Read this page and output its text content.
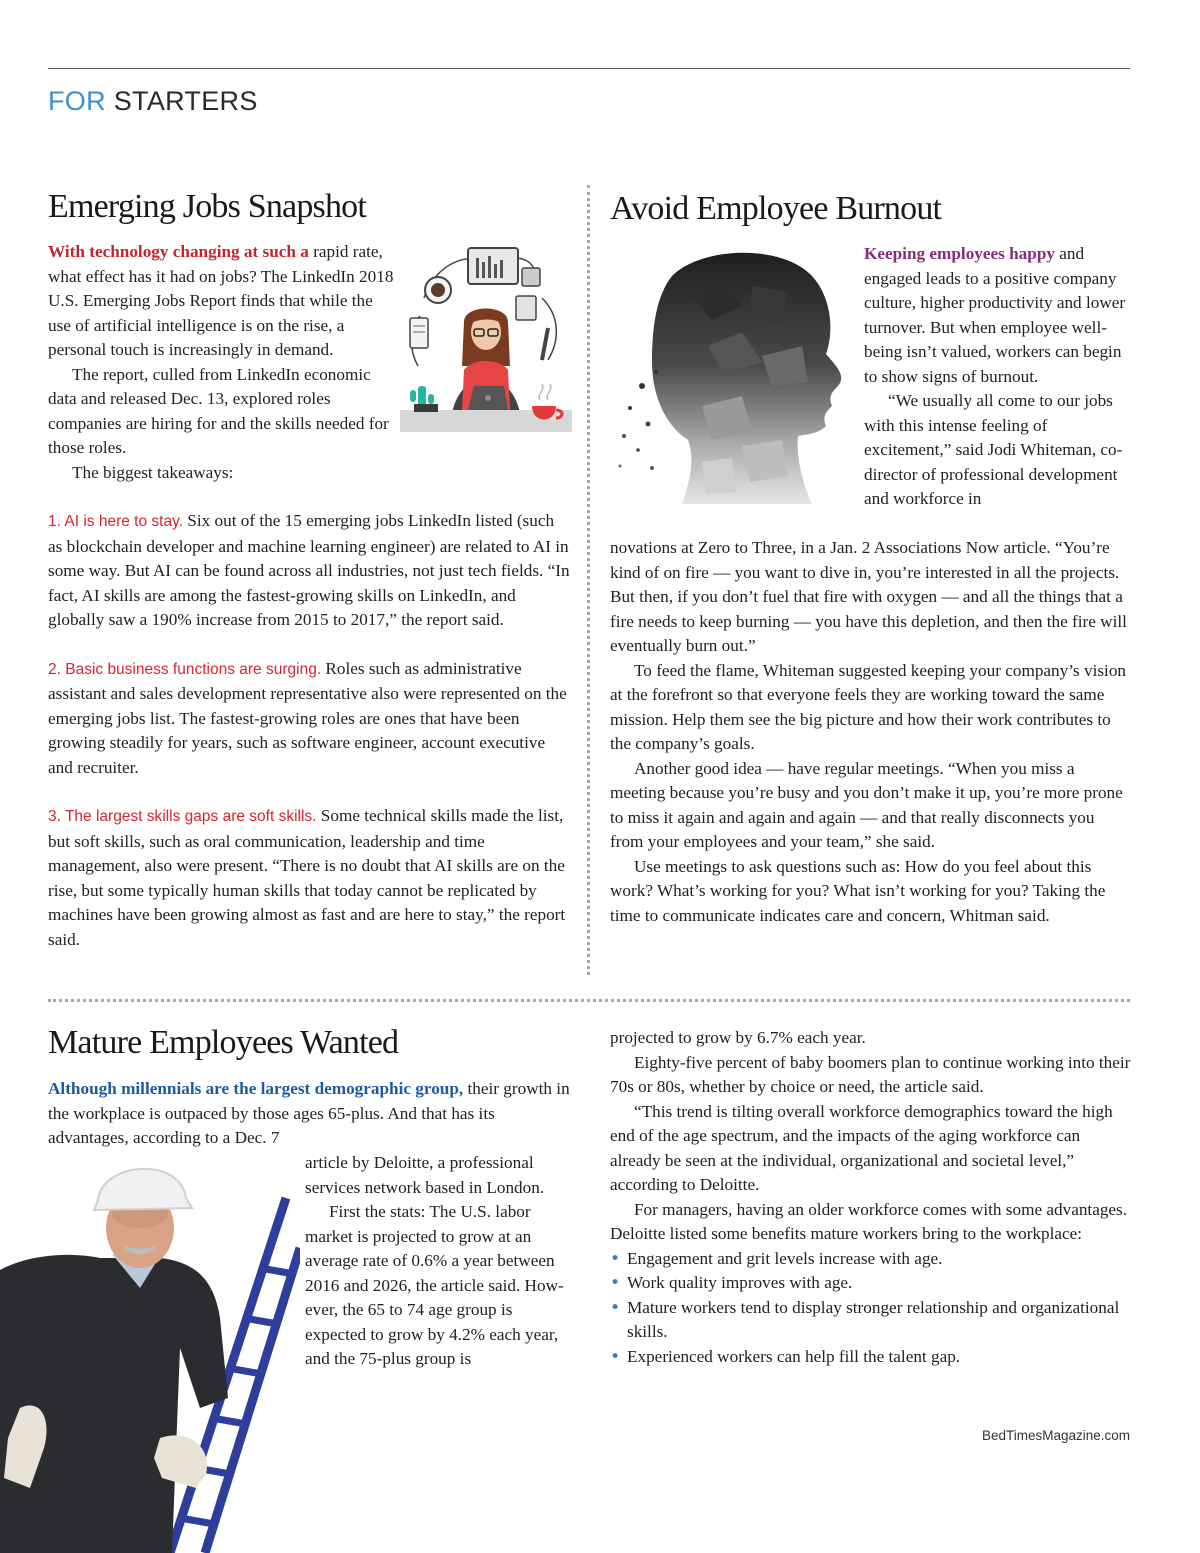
FOR STARTERS
Emerging Jobs Snapshot

With technology changing at such a rapid rate, what effect has it had on jobs? The LinkedIn 2018 U.S. Emerging Jobs Report finds that while the use of artificial intelligence is on the rise, a personal touch is increasingly in demand.

The report, culled from LinkedIn economic data and released Dec. 13, explored roles companies are hiring for and the skills needed for those roles.

The biggest takeaways:

1. AI is here to stay. Six out of the 15 emerging jobs LinkedIn listed (such as blockchain developer and machine learning engineer) are related to AI in some way. But AI can be found across all industries, not just tech fields. “In fact, AI skills are among the fastest-growing skills on LinkedIn, and globally saw a 190% increase from 2015 to 2017,” the report said.

2. Basic business functions are surging. Roles such as administrative assistant and sales development representative also were represented on the emerging jobs list. The fastest-growing roles are ones that have been growing steadily for years, such as software engineer, account executive and recruiter.

3. The largest skills gaps are soft skills. Some technical skills made the list, but soft skills, such as oral communication, leadership and time management, also were present. “There is no doubt that AI skills are on the rise, but some typically human skills that today cannot be replicated by machines have been growing almost as fast and are here to stay,” the report said.

Avoid Employee Burnout

Keeping employees happy and engaged leads to a positive company culture, higher productivity and lower turnover. But when employee well-being isn’t valued, workers can begin to show signs of burnout.

“We usually all come to our jobs with this intense feeling of excitement,” said Jodi Whiteman, co-director of professional development and workforce in

novations at Zero to Three, in a Jan. 2 Associations Now article. “You’re kind of on fire — you want to dive in, you’re interested in all the projects. But then, if you don’t fuel that fire with oxygen — and all the things that a fire needs to keep burning — you have this depletion, and then the fire will eventually burn out.”

To feed the flame, Whiteman suggested keeping your company’s vision at the forefront so that everyone feels they are working toward the same mission. Help them see the big picture and how their work contributes to the company’s goals.

Another good idea — have regular meetings. “When you miss a meeting because you’re busy and you don’t make it up, you’re more prone to miss it again and again and again — and that really disconnects you from your employees and your team,” she said.

Use meetings to ask questions such as: How do you feel about this work? What’s working for you? What isn’t working for you? Taking the time to communicate indicates care and concern, Whitman said.

Mature Employees Wanted

Although millennials are the largest demographic group, their growth in the workplace is outpaced by those ages 65-plus. And that has its advantages, according to a Dec. 7

article by Deloitte, a professional services network based in London.

First the stats: The U.S. labor market is projected to grow at an average rate of 0.6% a year between 2016 and 2026, the article said. However, the 65 to 74 age group is expected to grow by 4.2% each year, and the 75-plus group is

projected to grow by 6.7% each year.

Eighty-five percent of baby boomers plan to continue working into their 70s or 80s, whether by choice or need, the article said.

“This trend is tilting overall workforce demographics toward the high end of the age spectrum, and the impacts of the aging workforce can already be seen at the individual, organizational and societal level,” according to Deloitte.

For managers, having an older workforce comes with some advantages. Deloitte listed some benefits mature workers bring to the workplace:

• Engagement and grit levels increase with age.
• Work quality improves with age.
• Mature workers tend to display stronger relationship and organizational skills.
• Experienced workers can help fill the talent gap.
BedTimesMagazine.com
